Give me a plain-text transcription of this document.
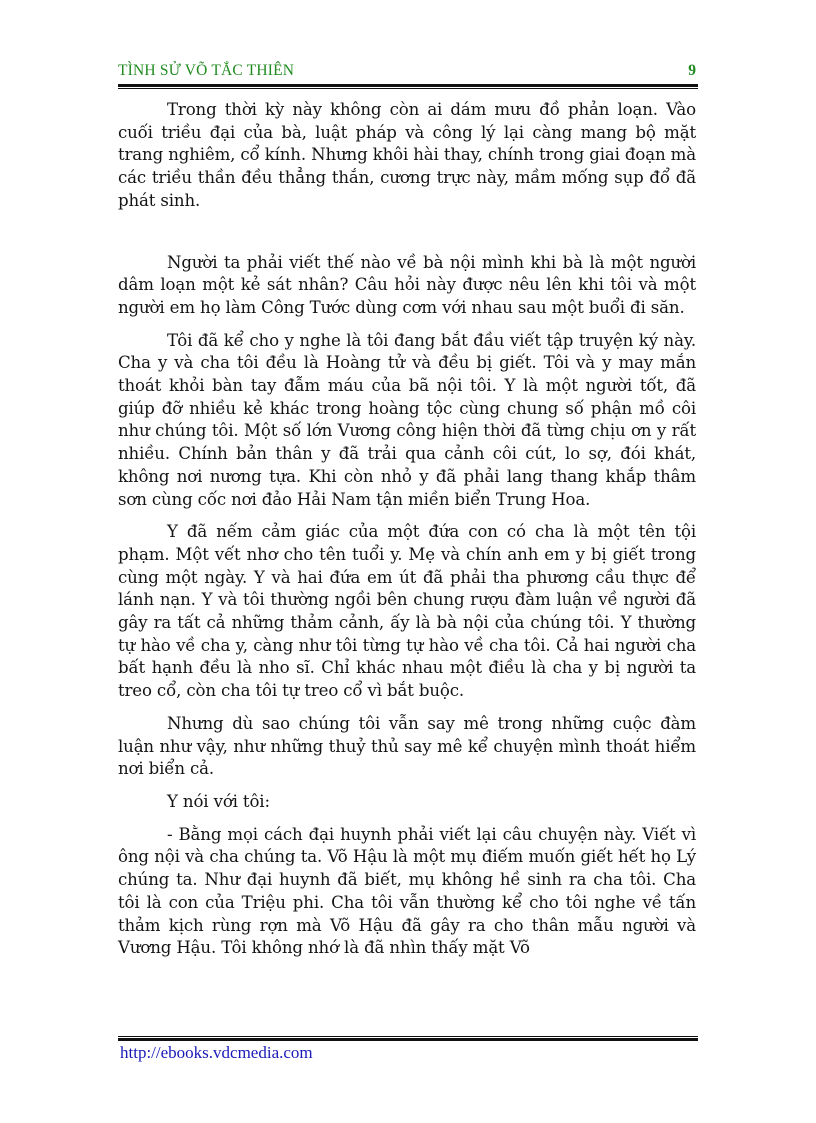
TÌNH SỬ VÕ TẮC THIÊN	9

Trong thời kỳ này không còn ai dám mưu đồ phản loạn. Vào cuối triều đại của bà, luật pháp và công lý lại càng mang bộ mặt trang nghiêm, cổ kính. Nhưng khôi hài thay, chính trong giai đoạn mà các triều thần đều thẳng thắn, cương trực này, mầm mống sụp đổ đã phát sinh.

Người ta phải viết thế nào về bà nội mình khi bà là một người dâm loạn một kẻ sát nhân? Câu hỏi này được nêu lên khi tôi và một người em họ làm Công Tước dùng cơm với nhau sau một buổi đi săn.

Tôi đã kể cho y nghe là tôi đang bắt đầu viết tập truyện ký này. Cha y và cha tôi đều là Hoàng tử và đều bị giết. Tôi và y may mắn thoát khỏi bàn tay đẫm máu của bã nội tôi. Y là một người tốt, đã giúp đỡ nhiều kẻ khác trong hoàng tộc cùng chung số phận mồ côi như chúng tôi. Một số lớn Vương công hiện thời đã từng chịu ơn y rất nhiều. Chính bản thân y đã trải qua cảnh côi cút, lo sợ, đói khát, không nơi nương tựa. Khi còn nhỏ y đã phải lang thang khắp thâm sơn cùng cốc nơi đảo Hải Nam tận miền biển Trung Hoa.

Y đã nếm cảm giác của một đứa con có cha là một tên tội phạm. Một vết nhơ cho tên tuổi y. Mẹ và chín anh em y bị giết trong cùng một ngày. Y và hai đứa em út đã phải tha phương cầu thực để lánh nạn. Y và tôi thường ngồi bên chung rượu đàm luận về người đã gây ra tất cả những thảm cảnh, ấy là bà nội của chúng tôi. Y thường tự hào về cha y, càng như tôi từng tự hào về cha tôi. Cả hai người cha bất hạnh đều là nho sĩ. Chỉ khác nhau một điều là cha y bị người ta treo cổ, còn cha tôi tự treo cổ vì bắt buộc.

Nhưng dù sao chúng tôi vẫn say mê trong những cuộc đàm luận như vậy, như những thuỷ thủ say mê kể chuyện mình thoát hiểm nơi biển cả.

Y nói với tôi:

- Bằng mọi cách đại huynh phải viết lại câu chuyện này. Viết vì ông nội và cha chúng ta. Võ Hậu là một mụ điếm muốn giết hết họ Lý chúng ta. Như đại huynh đã biết, mụ không hề sinh ra cha tôi. Cha tôi là con của Triệu phi. Cha tôi vẫn thường kể cho tôi nghe về tấn thảm kịch rùng rợn mà Võ Hậu đã gây ra cho thân mẫu người và Vương Hậu. Tôi không nhớ là đã nhìn thấy mặt Võ

http://ebooks.vdcmedia.com
